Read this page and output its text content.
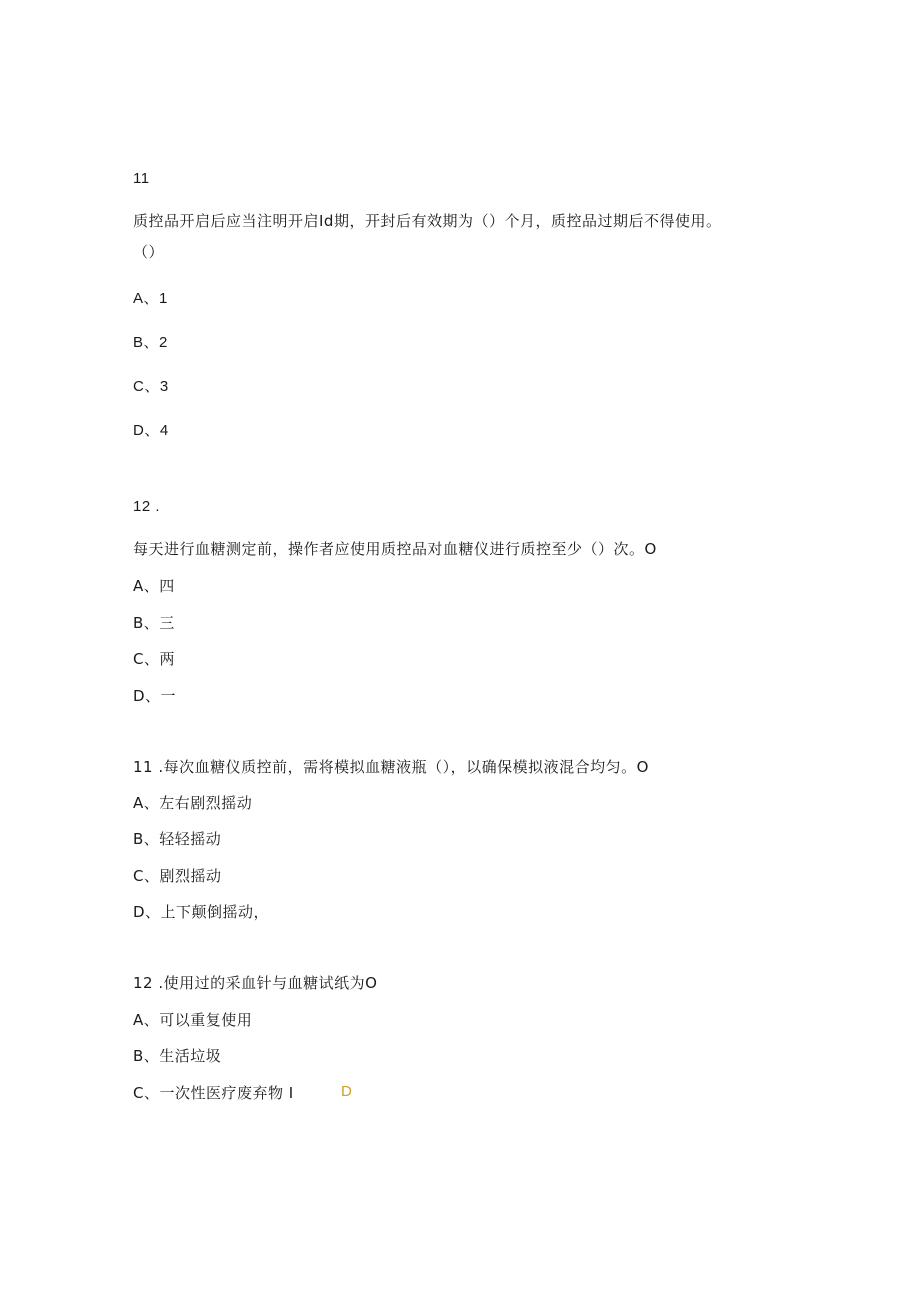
11
质控品开启后应当注明开启Id期，开封后有效期为（）个月，质控品过期后不得使用。
（）
A、1
B、2
C、3
D、4
12 .
每天进行血糖测定前，操作者应使用质控品对血糖仪进行质控至少（）次。O
A、四
B、三
C、两
D、一
11 .每次血糖仪质控前，需将模拟血糖液瓶（），以确保模拟液混合均匀。O
A、左右剧烈摇动
B、轻轻摇动
C、剧烈摇动
D、上下颠倒摇动，
12 .使用过的采血针与血糖试纸为O
A、可以重复使用
B、生活垃圾
C、一次性医疗废弃物 I	D
